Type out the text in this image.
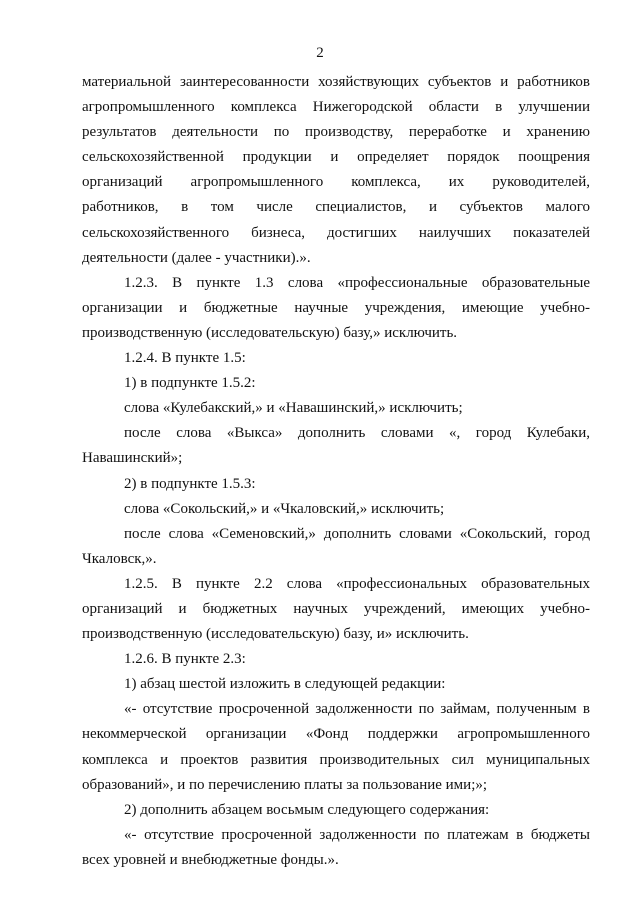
2

материальной заинтересованности хозяйствующих субъектов и работников

агропромышленного комплекса Нижегородской области в улучшении

результатов деятельности по производству, переработке и хранению

сельскохозяйственной продукции и определяет порядок поощрения

организаций агропромышленного комплекса, их руководителей,

работников, в том числе специалистов, и субъектов малого

сельскохозяйственного бизнеса, достигших наилучших показателей

деятельности (далее - участники).».

1.2.3. В пункте 1.3 слова «профессиональные образовательные

организации и бюджетные научные учреждения, имеющие учебно-

производственную (исследовательскую) базу,» исключить.

1.2.4. В пункте 1.5:

1) в подпункте 1.5.2:

слова «Кулебакский,» и «Навашинский,» исключить;

после слова «Выкса» дополнить словами «, город Кулебаки,

Навашинский»;

2) в подпункте 1.5.3:

слова «Сокольский,» и «Чкаловский,» исключить;

после слова «Семеновский,» дополнить словами «Сокольский, город

Чкаловск,».

1.2.5. В пункте 2.2 слова «профессиональных образовательных

организаций и бюджетных научных учреждений, имеющих учебно-

производственную (исследовательскую) базу, и» исключить.

1.2.6. В пункте 2.3:

1) абзац шестой изложить в следующей редакции:

«- отсутствие просроченной задолженности по займам, полученным в

некоммерческой организации «Фонд поддержки агропромышленного

комплекса и проектов развития производительных сил муниципальных

образований», и по перечислению платы за пользование ими;»;

2) дополнить абзацем восьмым следующего содержания:

«- отсутствие просроченной задолженности по платежам в бюджеты

всех уровней и внебюджетные фонды.».
